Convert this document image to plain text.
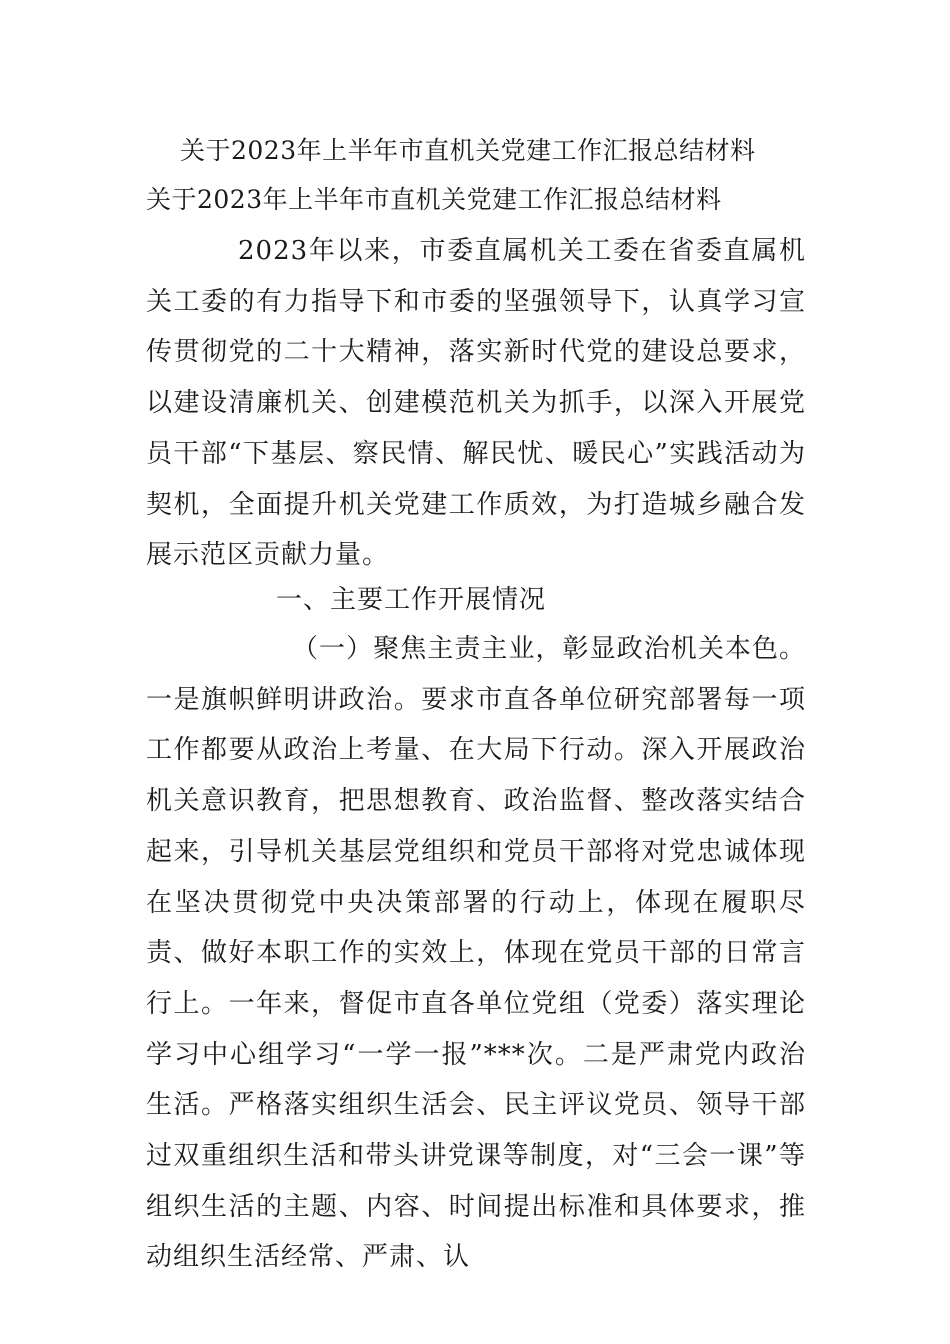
关于2023年上半年市直机关党建工作汇报总结材料
关于2023年上半年市直机关党建工作汇报总结材料

2023年以来，市委直属机关工委在省委直属机关工委的有力指导下和市委的坚强领导下，认真学习宣传贯彻党的二十大精神，落实新时代党的建设总要求，以建设清廉机关、创建模范机关为抓手，以深入开展党员干部“下基层、察民情、解民忧、暖民心”实践活动为契机，全面提升机关党建工作质效，为打造城乡融合发展示范区贡献力量。

一、主要工作开展情况

（一）聚焦主责主业，彰显政治机关本色。一是旗帜鲜明讲政治。要求市直各单位研究部署每一项工作都要从政治上考量、在大局下行动。深入开展政治机关意识教育，把思想教育、政治监督、整改落实结合起来，引导机关基层党组织和党员干部将对党忠诚体现在坚决贯彻党中央决策部署的行动上，体现在履职尽责、做好本职工作的实效上，体现在党员干部的日常言行上。一年来，督促市直各单位党组（党委）落实理论学习中心组学习“一学一报”***次。二是严肃党内政治生活。严格落实组织生活会、民主评议党员、领导干部过双重组织生活和带头讲党课等制度，对“三会一课”等组织生活的主题、内容、时间提出标准和具体要求，推动组织生活经常、严肃、认
